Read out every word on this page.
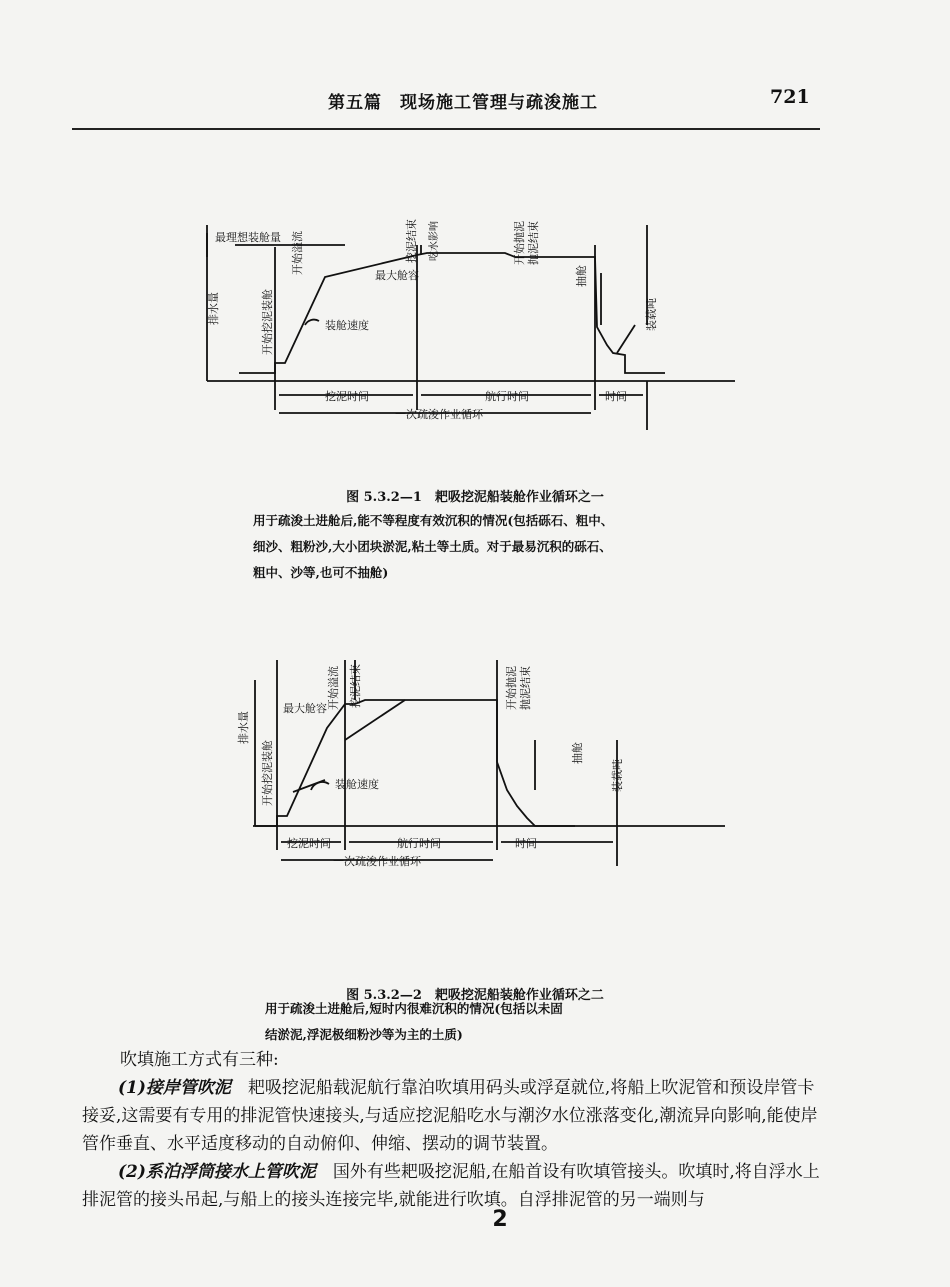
第五篇　现场施工管理与疏浚施工	721
排水量
最理想装舱量
开始挖泥装舱
开始溢流
最大舱容
挖泥结束 吃水影响
装舱速度
开始抛泥 抛泥结束
抽舱
装载吨
挖泥时间	航行时间	时间
一次疏浚作业循环
图 5.3.2—1　耙吸挖泥船装舱作业循环之一
用于疏浚土进舱后,能不等程度有效沉积的情况(包括砾石、粗中、
细沙、粗粉沙,大小团块淤泥,粘土等土质。对于最易沉积的砾石、
粗中、沙等,也可不抽舱)
排水量
开始挖泥装舱
开始溢流 挖泥结束
最大舱容
装舱速度
开始抛泥 抛泥结束
抽舱
装载吨
挖泥时间	航行时间	时间
一次疏浚作业循环
图 5.3.2—2　耙吸挖泥船装舱作业循环之二
用于疏浚土进舱后,短时内很难沉积的情况(包括以未固
结淤泥,浮泥极细粉沙等为主的土质)

吹填施工方式有三种:

(1)接岸管吹泥　耙吸挖泥船载泥航行靠泊吹填用码头或浮趸就位,将船上吹泥管和预设岸管卡接妥,这需要有专用的排泥管快速接头,与适应挖泥船吃水与潮汐水位涨落变化,潮流异向影响,能使岸管作垂直、水平适度移动的自动俯仰、伸缩、摆动的调节装置。

(2)系泊浮筒接水上管吹泥　国外有些耙吸挖泥船,在船首设有吹填管接头。吹填时,将自浮水上排泥管的接头吊起,与船上的接头连接完毕,就能进行吹填。自浮排泥管的另一端则与

2
